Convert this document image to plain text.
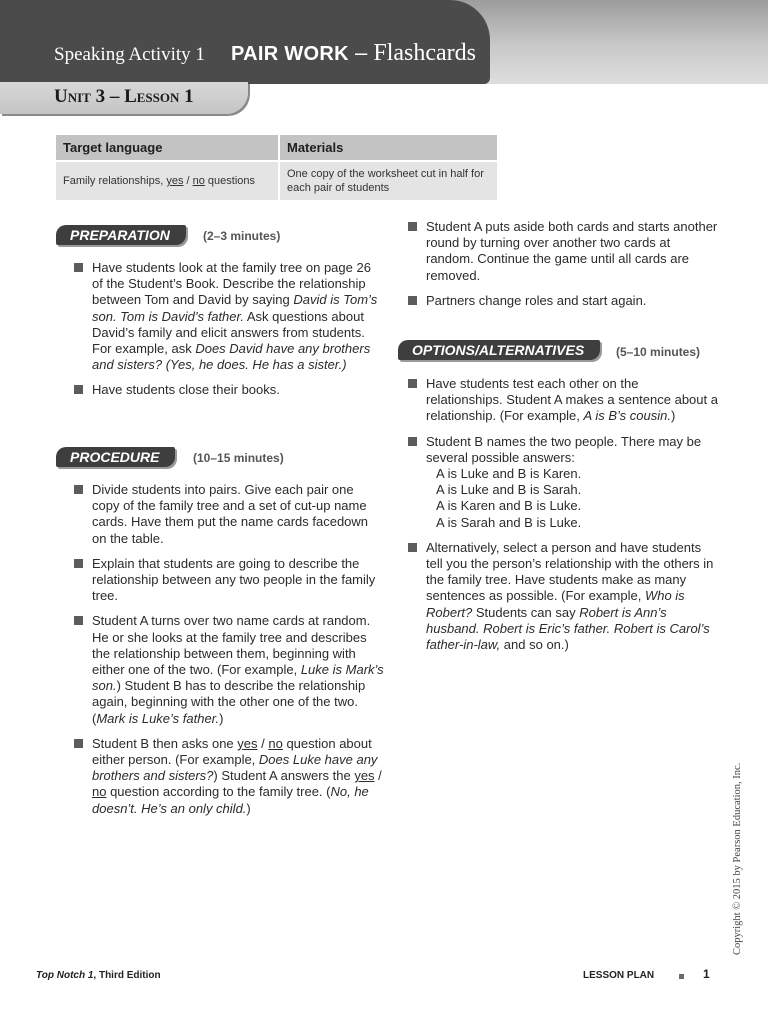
Speaking Activity 1 PAIR WORK – Flashcards
Unit 3 – Lesson 1
Target language	Materials
Family relationships, yes / no questions	One copy of the worksheet cut in half for each pair of students
PREPARATION	(2–3 minutes)
Have students look at the family tree on page 26 of the Student’s Book. Describe the relationship between Tom and David by saying David is Tom’s son. Tom is David’s father. Ask questions about David’s family and elicit answers from students. For example, ask Does David have any brothers and sisters? (Yes, he does. He has a sister.)
Have students close their books.
PROCEDURE	(10–15 minutes)
Divide students into pairs. Give each pair one copy of the family tree and a set of cut-up name cards. Have them put the name cards facedown on the table.
Explain that students are going to describe the relationship between any two people in the family tree.
Student A turns over two name cards at random. He or she looks at the family tree and describes the relationship between them, beginning with either one of the two. (For example, Luke is Mark’s son.) Student B has to describe the relationship again, beginning with the other one of the two. (Mark is Luke’s father.)
Student B then asks one yes / no question about either person. (For example, Does Luke have any brothers and sisters?) Student A answers the yes / no question according to the family tree. (No, he doesn’t. He’s an only child.)
Student A puts aside both cards and starts another round by turning over another two cards at random. Continue the game until all cards are removed.
Partners change roles and start again.
OPTIONS/ALTERNATIVES	(5–10 minutes)
Have students test each other on the relationships. Student A makes a sentence about a relationship. (For example, A is B’s cousin.)
Student B names the two people. There may be several possible answers:
A is Luke and B is Karen.
A is Luke and B is Sarah.
A is Karen and B is Luke.
A is Sarah and B is Luke.
Alternatively, select a person and have students tell you the person’s relationship with the others in the family tree. Have students make as many sentences as possible. (For example, Who is Robert? Students can say Robert is Ann’s husband. Robert is Eric’s father. Robert is Carol’s father-in-law, and so on.)
Copyright © 2015 by Pearson Education, Inc.
Top Notch 1, Third Edition	LESSON PLAN	1
